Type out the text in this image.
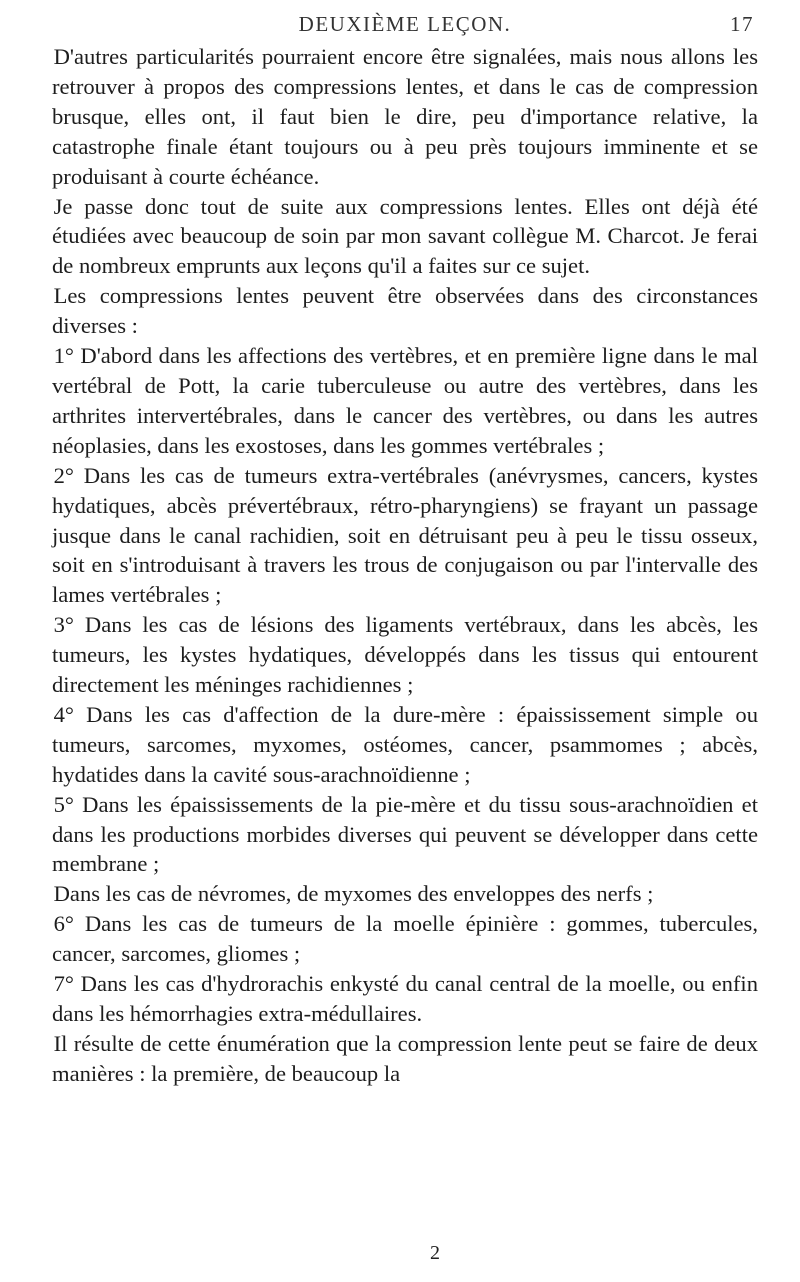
DEUXIÈME LEÇON.	17

D'autres particularités pourraient encore être signalées, mais nous allons les retrouver à propos des compressions lentes, et dans le cas de compression brusque, elles ont, il faut bien le dire, peu d'importance relative, la catastrophe finale étant toujours ou à peu près toujours imminente et se produisant à courte échéance.

Je passe donc tout de suite aux compressions lentes. Elles ont déjà été étudiées avec beaucoup de soin par mon savant collègue M. Charcot. Je ferai de nombreux emprunts aux leçons qu'il a faites sur ce sujet.

Les compressions lentes peuvent être observées dans des circonstances diverses :

1° D'abord dans les affections des vertèbres, et en première ligne dans le mal vertébral de Pott, la carie tuberculeuse ou autre des vertèbres, dans les arthrites intervertébrales, dans le cancer des vertèbres, ou dans les autres néoplasies, dans les exostoses, dans les gommes vertébrales ;

2° Dans les cas de tumeurs extra-vertébrales (anévrysmes, cancers, kystes hydatiques, abcès prévertébraux, rétro-pharyngiens) se frayant un passage jusque dans le canal rachidien, soit en détruisant peu à peu le tissu osseux, soit en s'introduisant à travers les trous de conjugaison ou par l'intervalle des lames vertébrales ;

3° Dans les cas de lésions des ligaments vertébraux, dans les abcès, les tumeurs, les kystes hydatiques, développés dans les tissus qui entourent directement les méninges rachidiennes ;

4° Dans les cas d'affection de la dure-mère : épaississement simple ou tumeurs, sarcomes, myxomes, ostéomes, cancer, psammomes ; abcès, hydatides dans la cavité sous-arachnoïdienne ;

5° Dans les épaississements de la pie-mère et du tissu sous-arachnoïdien et dans les productions morbides diverses qui peuvent se développer dans cette membrane ;

Dans les cas de névromes, de myxomes des enveloppes des nerfs ;

6° Dans les cas de tumeurs de la moelle épinière : gommes, tubercules, cancer, sarcomes, gliomes ;

7° Dans les cas d'hydrorachis enkysté du canal central de la moelle, ou enfin dans les hémorrhagies extra-médullaires.

Il résulte de cette énumération que la compression lente peut se faire de deux manières : la première, de beaucoup la

2
